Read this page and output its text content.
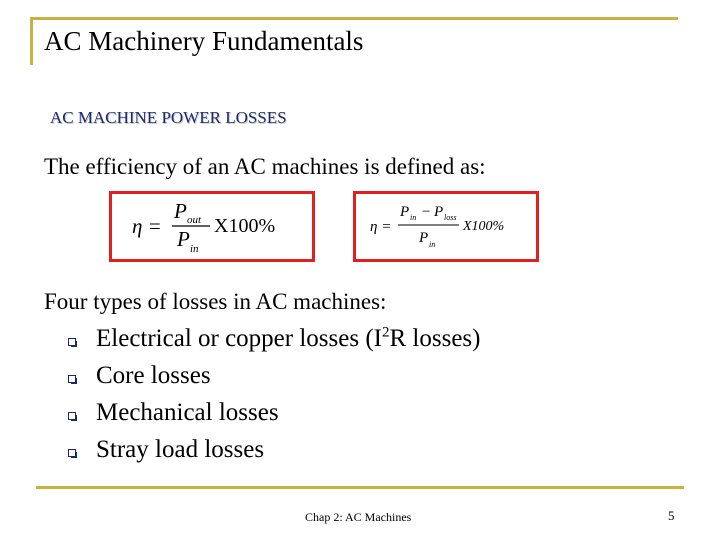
AC Machinery Fundamentals
AC MACHINE POWER LOSSES
The efficiency of an AC machines is defined as:
η =
P out
P in
X100%	η =
P in − P loss
P in
X100%
Four types of losses in AC machines:
Electrical or copper losses ($I^2R$ losses)
Core losses
Mechanical losses
Stray load losses
Chap 2: AC Machines	5
